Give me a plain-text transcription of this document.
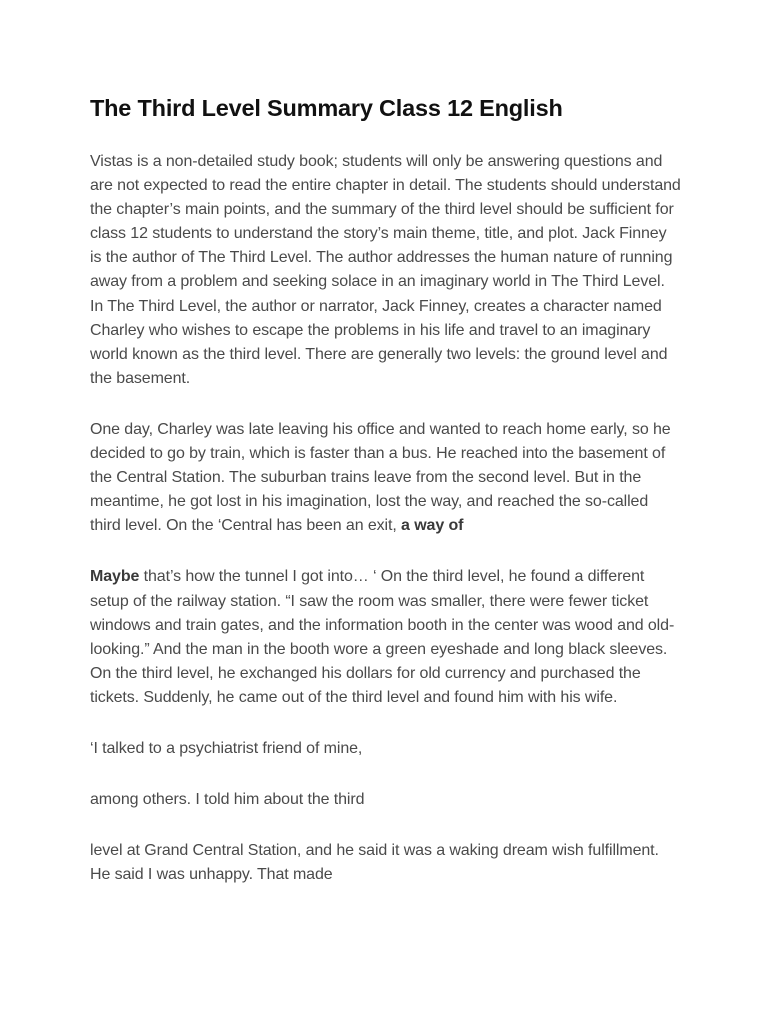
The Third Level Summary Class 12 English

Vistas is a non-detailed study book; students will only be answering questions and are not expected to read the entire chapter in detail. The students should understand the chapter’s main points, and the summary of the third level should be sufficient for class 12 students to understand the story’s main theme, title, and plot. Jack Finney is the author of The Third Level. The author addresses the human nature of running away from a problem and seeking solace in an imaginary world in The Third Level. In The Third Level, the author or narrator, Jack Finney, creates a character named Charley who wishes to escape the problems in his life and travel to an imaginary world known as the third level. There are generally two levels: the ground level and the basement.

One day, Charley was late leaving his office and wanted to reach home early, so he decided to go by train, which is faster than a bus. He reached into the basement of the Central Station. The suburban trains leave from the second level. But in the meantime, he got lost in his imagination, lost the way, and reached the so-called third level. On the ‘Central has been an exit, a way of

Maybe that’s how the tunnel I got into… ‘ On the third level, he found a different setup of the railway station. “I saw the room was smaller, there were fewer ticket windows and train gates, and the information booth in the center was wood and old-looking.” And the man in the booth wore a green eyeshade and long black sleeves. On the third level, he exchanged his dollars for old currency and purchased the tickets. Suddenly, he came out of the third level and found him with his wife.

‘I talked to a psychiatrist friend of mine,

among others. I told him about the third

level at Grand Central Station, and he said it was a waking dream wish fulfillment. He said I was unhappy. That made
